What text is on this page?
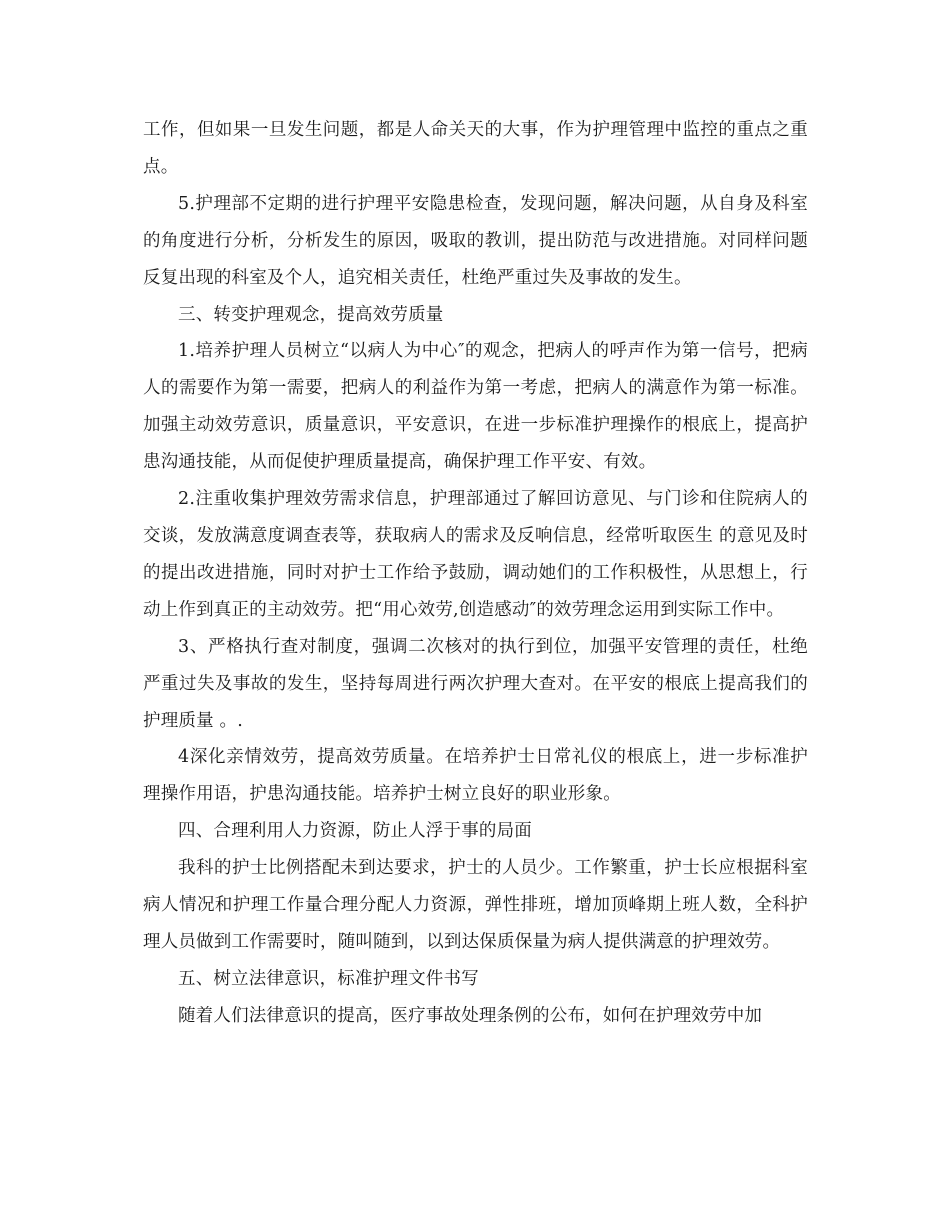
工作，但如果一旦发生问题，都是人命关天的大事，作为护理管理中监控的重点之重点。

5.护理部不定期的进行护理平安隐患检查，发现问题，解决问题，从自身及科室的角度进行分析，分析发生的原因，吸取的教训，提出防范与改进措施。对同样问题反复出现的科室及个人，追究相关责任，杜绝严重过失及事故的发生。

三、转变护理观念，提高效劳质量

1.培养护理人员树立“以病人为中心″的观念，把病人的呼声作为第一信号，把病人的需要作为第一需要，把病人的利益作为第一考虑，把病人的满意作为第一标准。加强主动效劳意识，质量意识，平安意识，在进一步标准护理操作的根底上，提高护患沟通技能，从而促使护理质量提高，确保护理工作平安、有效。

2.注重收集护理效劳需求信息，护理部通过了解回访意见、与门诊和住院病人的交谈，发放满意度调查表等，获取病人的需求及反响信息，经常听取医生 的意见及时的提出改进措施，同时对护士工作给予鼓励，调动她们的工作积极性，从思想上，行动上作到真正的主动效劳。把“用心效劳,创造感动″的效劳理念运用到实际工作中。

3、严格执行查对制度，强调二次核对的执行到位，加强平安管理的责任，杜绝严重过失及事故的发生，坚持每周进行两次护理大查对。在平安的根底上提高我们的护理质量 。.

4深化亲情效劳，提高效劳质量。在培养护士日常礼仪的根底上，进一步标准护理操作用语，护患沟通技能。培养护士树立良好的职业形象。

四、合理利用人力资源，防止人浮于事的局面

我科的护士比例搭配未到达要求，护士的人员少。工作繁重，护士长应根据科室病人情况和护理工作量合理分配人力资源，弹性排班，增加顶峰期上班人数，全科护理人员做到工作需要时，随叫随到，以到达保质保量为病人提供满意的护理效劳。

五、树立法律意识，标准护理文件书写

随着人们法律意识的提高，医疗事故处理条例的公布，如何在护理效劳中加
